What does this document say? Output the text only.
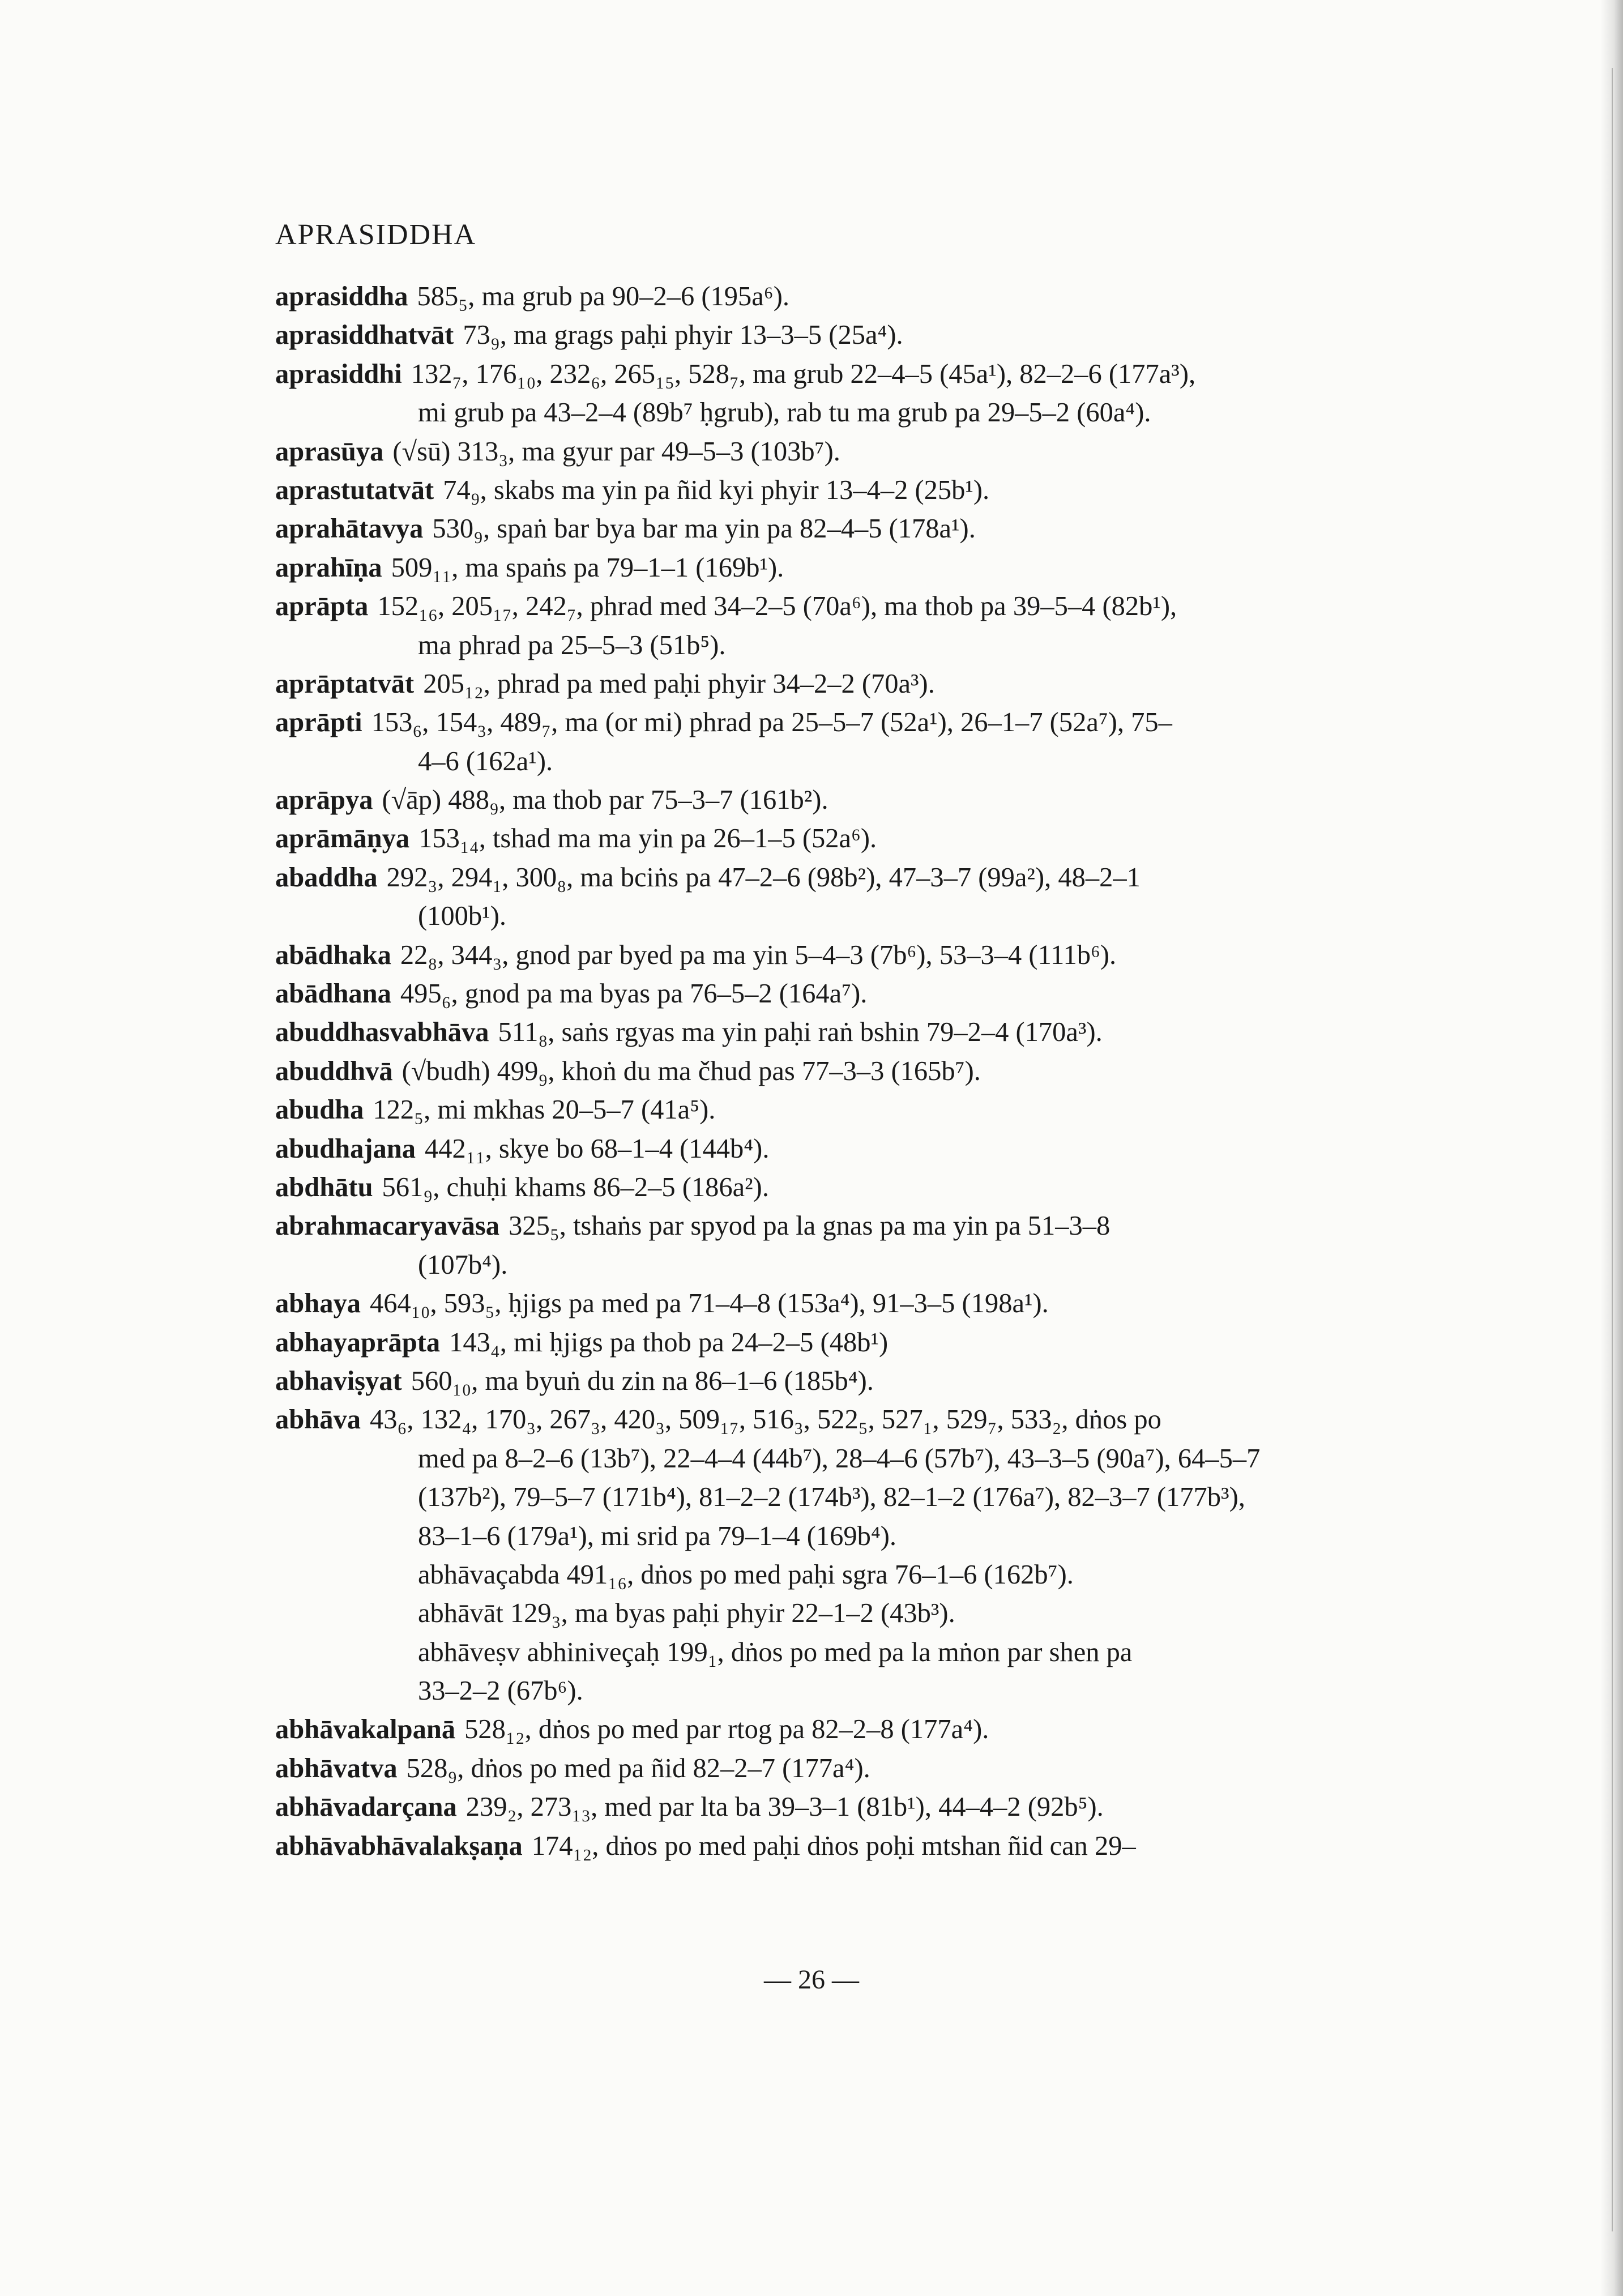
APRASIDDHA
aprasiddha 585₅, ma grub pa 90–2–6 (195a⁶).
aprasiddhatvāt 73₉, ma grags paḥi phyir 13–3–5 (25a⁴).
aprasiddhi 132₇, 176₁₀, 232₆, 265₁₅, 528₇, ma grub 22–4–5 (45a¹), 82–2–6 (177a³),
mi grub pa 43–2–4 (89b⁷ ḥgrub), rab tu ma grub pa 29–5–2 (60a⁴).
aprasūya (√sū) 313₃, ma gyur par 49–5–3 (103b⁷).
aprastutatvāt 74₉, skabs ma yin pa ñid kyi phyir 13–4–2 (25b¹).
aprahātavya 530₉, spaṅ bar bya bar ma yin pa 82–4–5 (178a¹).
aprahīṇa 509₁₁, ma spaṅs pa 79–1–1 (169b¹).
aprāpta 152₁₆, 205₁₇, 242₇, phrad med 34–2–5 (70a⁶), ma thob pa 39–5–4 (82b¹),
ma phrad pa 25–5–3 (51b⁵).
aprāptatvāt 205₁₂, phrad pa med paḥi phyir 34–2–2 (70a³).
aprāpti 153₆, 154₃, 489₇, ma (or mi) phrad pa 25–5–7 (52a¹), 26–1–7 (52a⁷), 75–
4–6 (162a¹).
aprāpya (√āp) 488₉, ma thob par 75–3–7 (161b²).
aprāmāṇya 153₁₄, tshad ma ma yin pa 26–1–5 (52a⁶).
abaddha 292₃, 294₁, 300₈, ma bciṅs pa 47–2–6 (98b²), 47–3–7 (99a²), 48–2–1
(100b¹).
abādhaka 22₈, 344₃, gnod par byed pa ma yin 5–4–3 (7b⁶), 53–3–4 (111b⁶).
abādhana 495₆, gnod pa ma byas pa 76–5–2 (164a⁷).
abuddhasvabhāva 511₈, saṅs rgyas ma yin paḥi raṅ bshin 79–2–4 (170a³).
abuddhvā (√budh) 499₉, khoṅ du ma čhud pas 77–3–3 (165b⁷).
abudha 122₅, mi mkhas 20–5–7 (41a⁵).
abudhajana 442₁₁, skye bo 68–1–4 (144b⁴).
abdhātu 561₉, chuḥi khams 86–2–5 (186a²).
abrahmacaryavāsa 325₅, tshaṅs par spyod pa la gnas pa ma yin pa 51–3–8
(107b⁴).
abhaya 464₁₀, 593₅, ḥjigs pa med pa 71–4–8 (153a⁴), 91–3–5 (198a¹).
abhayaprāpta 143₄, mi ḥjigs pa thob pa 24–2–5 (48b¹)
abhaviṣyat 560₁₀, ma byuṅ du zin na 86–1–6 (185b⁴).
abhāva 43₆, 132₄, 170₃, 267₃, 420₃, 509₁₇, 516₃, 522₅, 527₁, 529₇, 533₂, dṅos po
med pa 8–2–6 (13b⁷), 22–4–4 (44b⁷), 28–4–6 (57b⁷), 43–3–5 (90a⁷), 64–5–7
(137b²), 79–5–7 (171b⁴), 81–2–2 (174b³), 82–1–2 (176a⁷), 82–3–7 (177b³),
83–1–6 (179a¹), mi srid pa 79–1–4 (169b⁴).
abhāvaçabda 491₁₆, dṅos po med paḥi sgra 76–1–6 (162b⁷).
abhāvāt 129₃, ma byas paḥi phyir 22–1–2 (43b³).
abhāveṣv abhiniveçaḥ 199₁, dṅos po med pa la mṅon par shen pa
33–2–2 (67b⁶).
abhāvakalpanā 528₁₂, dṅos po med par rtog pa 82–2–8 (177a⁴).
abhāvatva 528₉, dṅos po med pa ñid 82–2–7 (177a⁴).
abhāvadarçana 239₂, 273₁₃, med par lta ba 39–3–1 (81b¹), 44–4–2 (92b⁵).
abhāvabhāvalakṣaṇa 174₁₂, dṅos po med paḥi dṅos poḥi mtshan ñid can 29–
— 26 —
